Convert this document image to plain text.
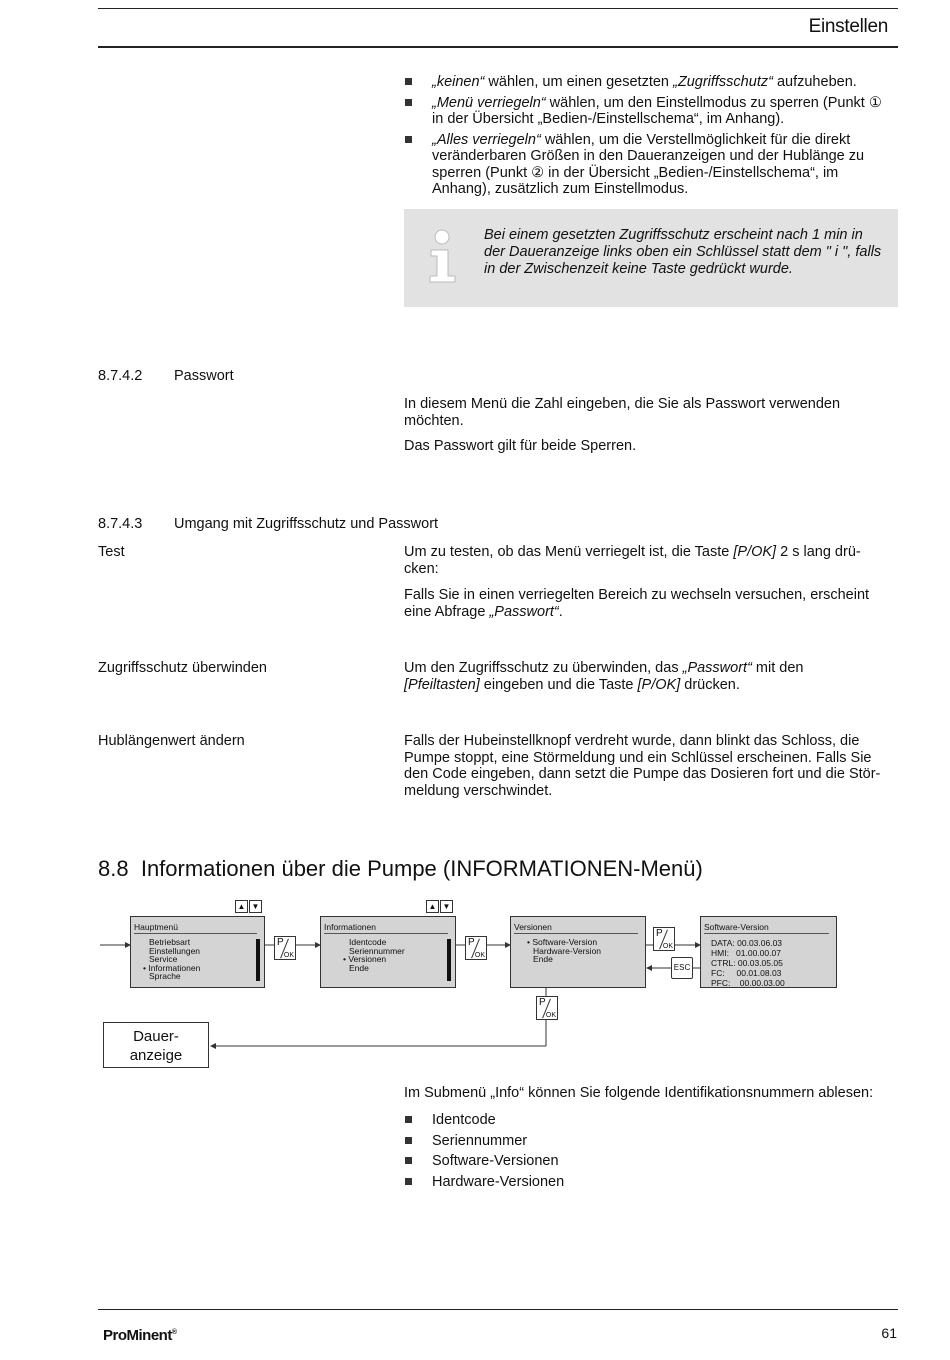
Einstellen
„keinen“ wählen, um einen gesetzten „Zugriffsschutz“ aufzuheben.
„Menü verriegeln“ wählen, um den Einstellmodus zu sperren (Punkt ① in der Übersicht „Bedien-/Einstellschema“, im Anhang).
„Alles verriegeln“ wählen, um die Verstellmöglichkeit für die direkt veränderbaren Größen in den Daueranzeigen und der Hublänge zu sperren (Punkt ② in der Übersicht „Bedien-/Einstellschema“, im Anhang), zusätzlich zum Einstellmodus.
Bei einem gesetzten Zugriffsschutz erscheint nach 1 min in der Daueranzeige links oben ein Schlüssel statt dem " i ", falls in der Zwischenzeit keine Taste gedrückt wurde.
8.7.4.2 Passwort
In diesem Menü die Zahl eingeben, die Sie als Passwort verwenden möchten.
Das Passwort gilt für beide Sperren.
8.7.4.3 Umgang mit Zugriffsschutz und Passwort
Test	Um zu testen, ob das Menü verriegelt ist, die Taste [P/OK] 2 s lang drü-cken:
Falls Sie in einen verriegelten Bereich zu wechseln versuchen, erscheint eine Abfrage „Passwort“.
Zugriffsschutz überwinden	Um den Zugriffsschutz zu überwinden, das „Passwort“ mit den [Pfeiltasten] eingeben und die Taste [P/OK] drücken.
Hublängenwert ändern	Falls der Hubeinstellknopf verdreht wurde, dann blinkt das Schloss, die Pumpe stoppt, eine Störmeldung und ein Schlüssel erscheinen. Falls Sie den Code eingeben, dann setzt die Pumpe das Dosieren fort und die Stör-meldung verschwindet.
8.8 Informationen über die Pumpe (INFORMATIONEN-Menü)
▲ ▼	▲ ▼
Hauptmenü
Betriebsart
Einstellungen
Service
• Informationen
Sprache
P
OK
Informationen
Identcode
Seriennummer
• Versionen
Ende
P
OK
Versionen
• Software-Version
Hardware-Version
Ende
P
OK
ESC
Software-Version
DATA: 00.03.06.03
HMI:   01.00.00.07
CTRL: 00.03.05.05
FC:     00.01.08.03
PFC:    00.00.03.00
P
OK
Dauer-
anzeige
Im Submenü „Info“ können Sie folgende Identifikationsnummern ablesen:
Identcode
Seriennummer
Software-Versionen
Hardware-Versionen
ProMinent®	61
